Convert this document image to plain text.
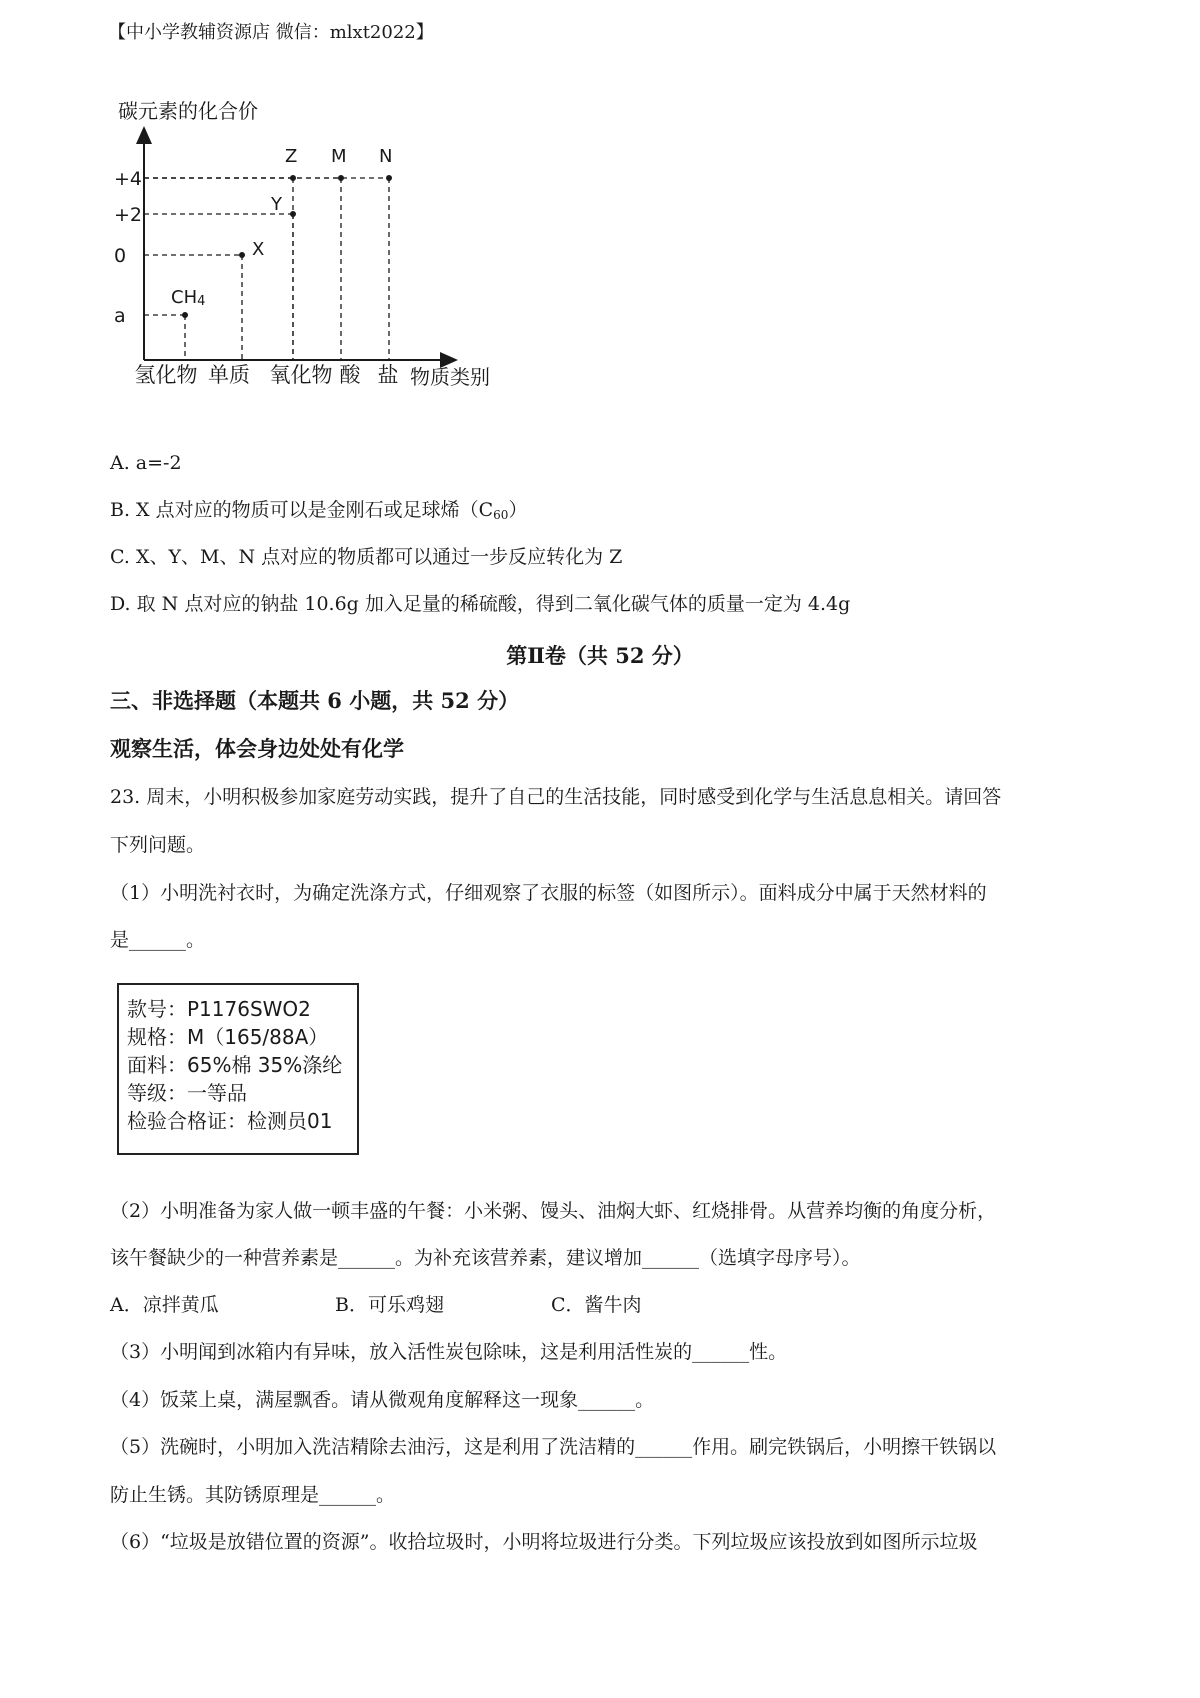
【中小学教辅资源店 微信：mlxt2022】
碳元素的化合价
+4
+2
0
a
CH4
X
Y
Z M N
氢化物 单质 氧化物 酸 盐 物质类别
A. a=-2
B. X 点对应的物质可以是金刚石或足球烯$(C_{60})$
C. X、Y、M、N 点对应的物质都可以通过一步反应转化为 Z
D. 取 N 点对应的钠盐 10.6g 加入足量的稀硫酸，得到二氧化碳气体的质量一定为 4.4g
第Ⅱ卷（共 52 分）
三、非选择题（本题共 6 小题，共 52 分）
观察生活，体会身边处处有化学
23. 周末，小明积极参加家庭劳动实践，提升了自己的生活技能，同时感受到化学与生活息息相关。请回答
下列问题。
（1）小明洗衬衣时，为确定洗涤方式，仔细观察了衣服的标签（如图所示）。面料成分中属于天然材料的
是______。
款号：P1176SWO2
规格：M（165/88A）
面料：65%棉 35%涤纶
等级：一等品
检验合格证：检测员01
（2）小明准备为家人做一顿丰盛的午餐：小米粥、馒头、油焖大虾、红烧排骨。从营养均衡的角度分析，
该午餐缺少的一种营养素是______。为补充该营养素，建议增加______（选填字母序号）。
A．凉拌黄瓜	B．可乐鸡翅	C．酱牛肉
（3）小明闻到冰箱内有异味，放入活性炭包除味，这是利用活性炭的______性。
（4）饭菜上桌，满屋飘香。请从微观角度解释这一现象______。
（5）洗碗时，小明加入洗洁精除去油污，这是利用了洗洁精的______作用。刷完铁锅后，小明擦干铁锅以
防止生锈。其防锈原理是______。
（6）“垃圾是放错位置的资源”。收拾垃圾时，小明将垃圾进行分类。下列垃圾应该投放到如图所示垃圾
